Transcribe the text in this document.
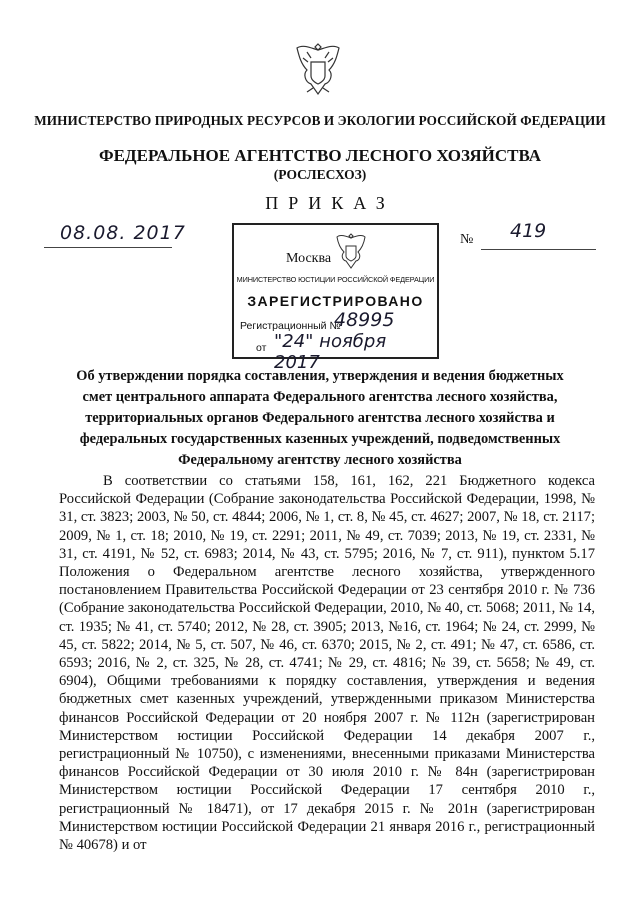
МИНИСТЕРСТВО ПРИРОДНЫХ РЕСУРСОВ И ЭКОЛОГИИ РОССИЙСКОЙ ФЕДЕРАЦИИ
ФЕДЕРАЛЬНОЕ АГЕНТСТВО ЛЕСНОГО ХОЗЯЙСТВА
(РОСЛЕСХОЗ)
ПРИКАЗ
08.08. 2017	№ 419
Москва
МИНИСТЕРСТВО ЮСТИЦИИ РОССИЙСКОЙ ФЕДЕРАЦИИ
ЗАРЕГИСТРИРОВАНО
Регистрационный №
48995
от "24" ноября 2017
Об утверждении порядка составления, утверждения и ведения бюджетных смет центрального аппарата Федерального агентства лесного хозяйства, территориальных органов Федерального агентства лесного хозяйства и федеральных государственных казенных учреждений, подведомственных Федеральному агентству лесного хозяйства
В соответствии со статьями 158, 161, 162, 221 Бюджетного кодекса Российской Федерации (Собрание законодательства Российской Федерации, 1998, № 31, ст. 3823; 2003, № 50, ст. 4844; 2006, № 1, ст. 8, № 45, ст. 4627; 2007, № 18, ст. 2117; 2009, № 1, ст. 18; 2010, № 19, ст. 2291; 2011, № 49, ст. 7039; 2013, № 19, ст. 2331, № 31, ст. 4191, № 52, ст. 6983; 2014, № 43, ст. 5795; 2016, № 7, ст. 911), пунктом 5.17 Положения о Федеральном агентстве лесного хозяйства, утвержденного постановлением Правительства Российской Федерации от 23 сентября 2010 г. № 736 (Собрание законодательства Российской Федерации, 2010, № 40, ст. 5068; 2011, № 14, ст. 1935; № 41, ст. 5740; 2012, № 28, ст. 3905; 2013, №16, ст. 1964; № 24, ст. 2999, № 45, ст. 5822; 2014, № 5, ст. 507, № 46, ст. 6370; 2015, № 2, ст. 491; № 47, ст. 6586, ст. 6593; 2016, № 2, ст. 325, № 28, ст. 4741; № 29, ст. 4816; № 39, ст. 5658; № 49, ст. 6904), Общими требованиями к порядку составления, утверждения и ведения бюджетных смет казенных учреждений, утвержденными приказом Министерства финансов Российской Федерации от 20 ноября 2007 г. № 112н (зарегистрирован Министерством юстиции Российской Федерации 14 декабря 2007 г., регистрационный № 10750), с изменениями, внесенными приказами Министерства финансов Российской Федерации от 30 июля 2010 г. № 84н (зарегистрирован Министерством юстиции Российской Федерации 17 сентября 2010 г., регистрационный № 18471), от 17 декабря 2015 г. № 201н (зарегистрирован Министерством юстиции Российской Федерации 21 января 2016 г., регистрационный № 40678) и от
